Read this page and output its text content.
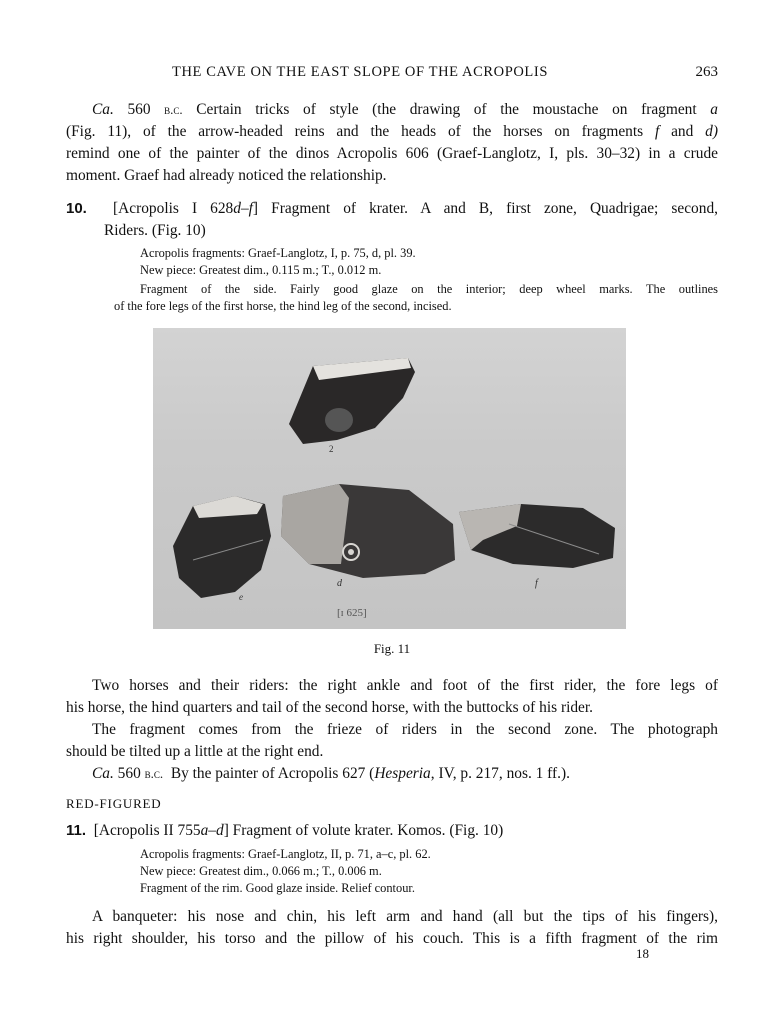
THE CAVE ON THE EAST SLOPE OF THE ACROPOLIS	263
Ca. 560 b.c. Certain tricks of style (the drawing of the moustache on fragment a
(Fig. 11), of the arrow-headed reins and the heads of the horses on fragments f and d)
remind one of the painter of the dinos Acropolis 606 (Graef-Langlotz, I, pls. 30–32) in a crude
moment. Graef had already noticed the relationship.
10. [Acropolis I 628d–f] Fragment of krater. A and B, first zone, Quadrigae; second,
Riders. (Fig. 10)
Acropolis fragments: Graef-Langlotz, I, p. 75, d, pl. 39.
New piece: Greatest dim., 0.115 m.; T., 0.012 m.
Fragment of the side. Fairly good glaze on the interior; deep wheel marks. The outlines
of the fore legs of the first horse, the hind leg of the second, incised.
2
e
d	f
[ɪ 625]
Fig. 11
Two horses and their riders: the right ankle and foot of the first rider, the fore legs of
his horse, the hind quarters and tail of the second horse, with the buttocks of his rider.
The fragment comes from the frieze of riders in the second zone. The photograph
should be tilted up a little at the right end.
Ca. 560 b.c. By the painter of Acropolis 627 (Hesperia, IV, p. 217, nos. 1 ff.).
RED-FIGURED
11. [Acropolis II 755a–d] Fragment of volute krater. Komos. (Fig. 10)
Acropolis fragments: Graef-Langlotz, II, p. 71, a–c, pl. 62.
New piece: Greatest dim., 0.066 m.; T., 0.006 m.
Fragment of the rim. Good glaze inside. Relief contour.
A banqueter: his nose and chin, his left arm and hand (all but the tips of his fingers),
his right shoulder, his torso and the pillow of his couch. This is a fifth fragment of the rim
18
